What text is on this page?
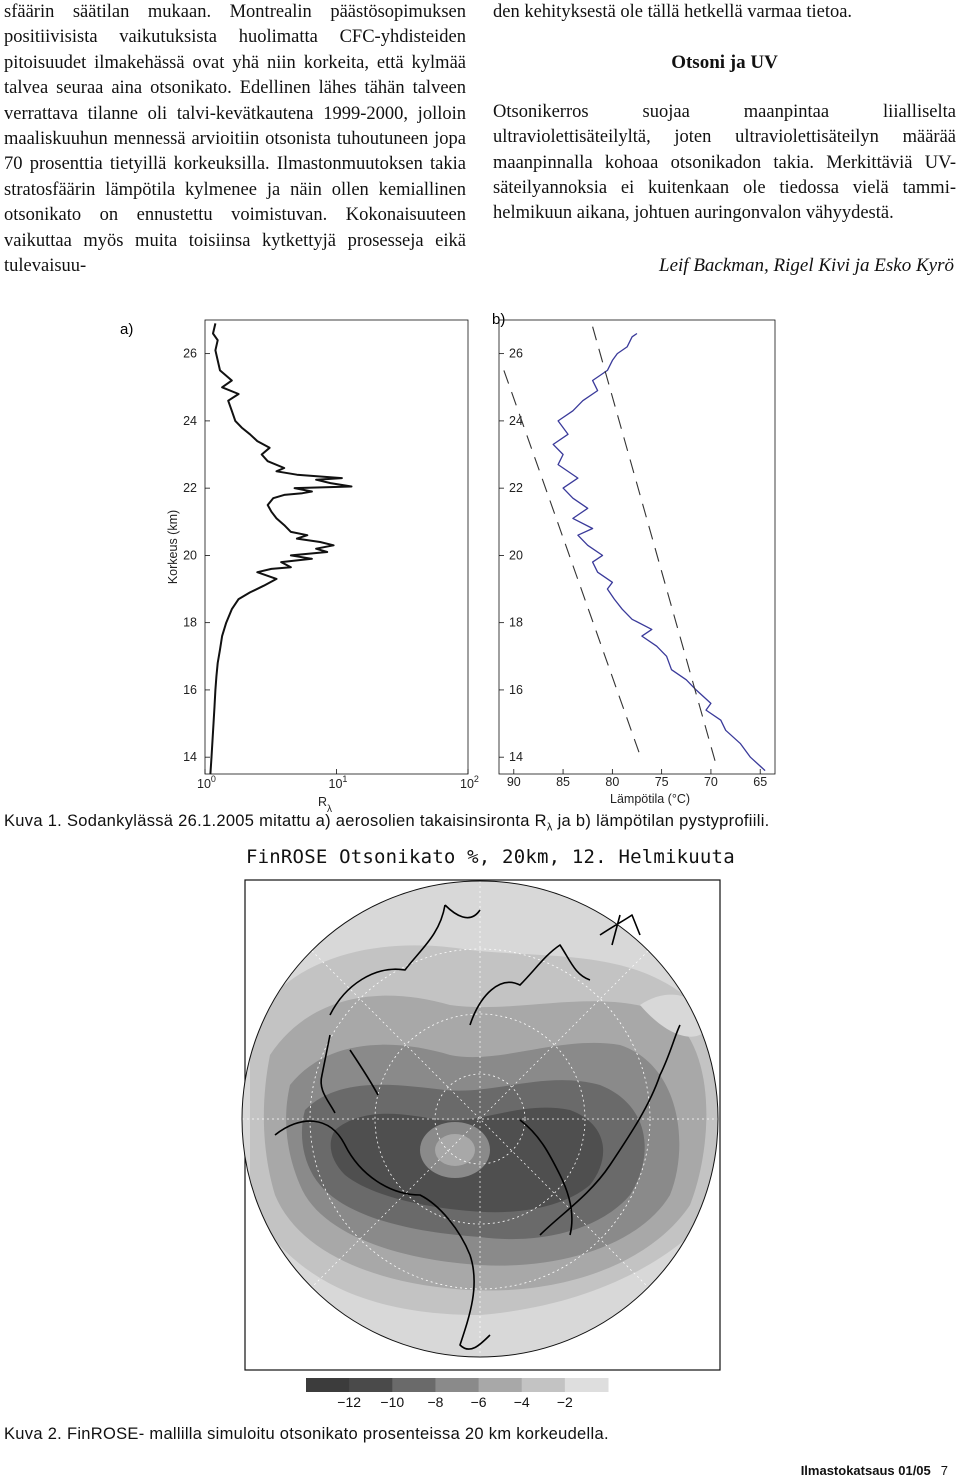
sfäärin säätilan mukaan. Montrealin päästösopimuksen positiivisista vaikutuksista huolimatta CFC-yhdisteiden pitoisuudet ilmakehässä ovat yhä niin korkeita, että kylmää talvea seuraa aina otsonikato. Edellinen lähes tähän talveen verrattava tilanne oli talvi-kevätkautena 1999-2000, jolloin maaliskuuhun mennessä arvioitiin otsonista tuhoutuneen jopa 70 prosenttia tietyillä korkeuksilla. Ilmastonmuutoksen takia stratosfäärin lämpötila kylmenee ja näin ollen kemiallinen otsonikato on ennustettu voimistuvan. Kokonaisuuteen vaikuttaa myös muita toisiinsa kytkettyjä prosesseja eikä tulevaisuu-

den kehityksestä ole tällä hetkellä varmaa tietoa.

Otsoni ja UV

Otsonikerros suojaa maanpintaa liialliselta ultraviolettisäteilyltä, joten ultraviolettisäteilyn määrää maanpinnalla kohoaa otsonikadon takia. Merkittäviä UV-säteilyannoksia ei kuitenkaan ole tiedossa vielä tammi- helmikuun aikana, johtuen auringonvalon vähyydestä.

Leif Backman, Rigel Kivi ja Esko Kyrö

a)
14
16
18
20
22
24
26
$10^0$	$10^1$	$10^2$
Korkeus (km)
$R_\lambda$
b)
14
16
18
20
22
24
26
90	85	80	75	70	65
Lämpötila (°C)
Kuva 1. Sodankylässä 26.1.2005 mitattu a) aerosolien takaisinsironta $R_\lambda$ ja b) lämpötilan pystyprofiili.
FinROSE Otsonikato %, 20km, 12. Helmikuuta
−12 −10 −8 −6 −4 −2
Kuva 2. FinROSE- mallilla simuloitu otsonikato prosenteissa 20 km korkeudella.
Ilmastokatsaus 01/05 7
